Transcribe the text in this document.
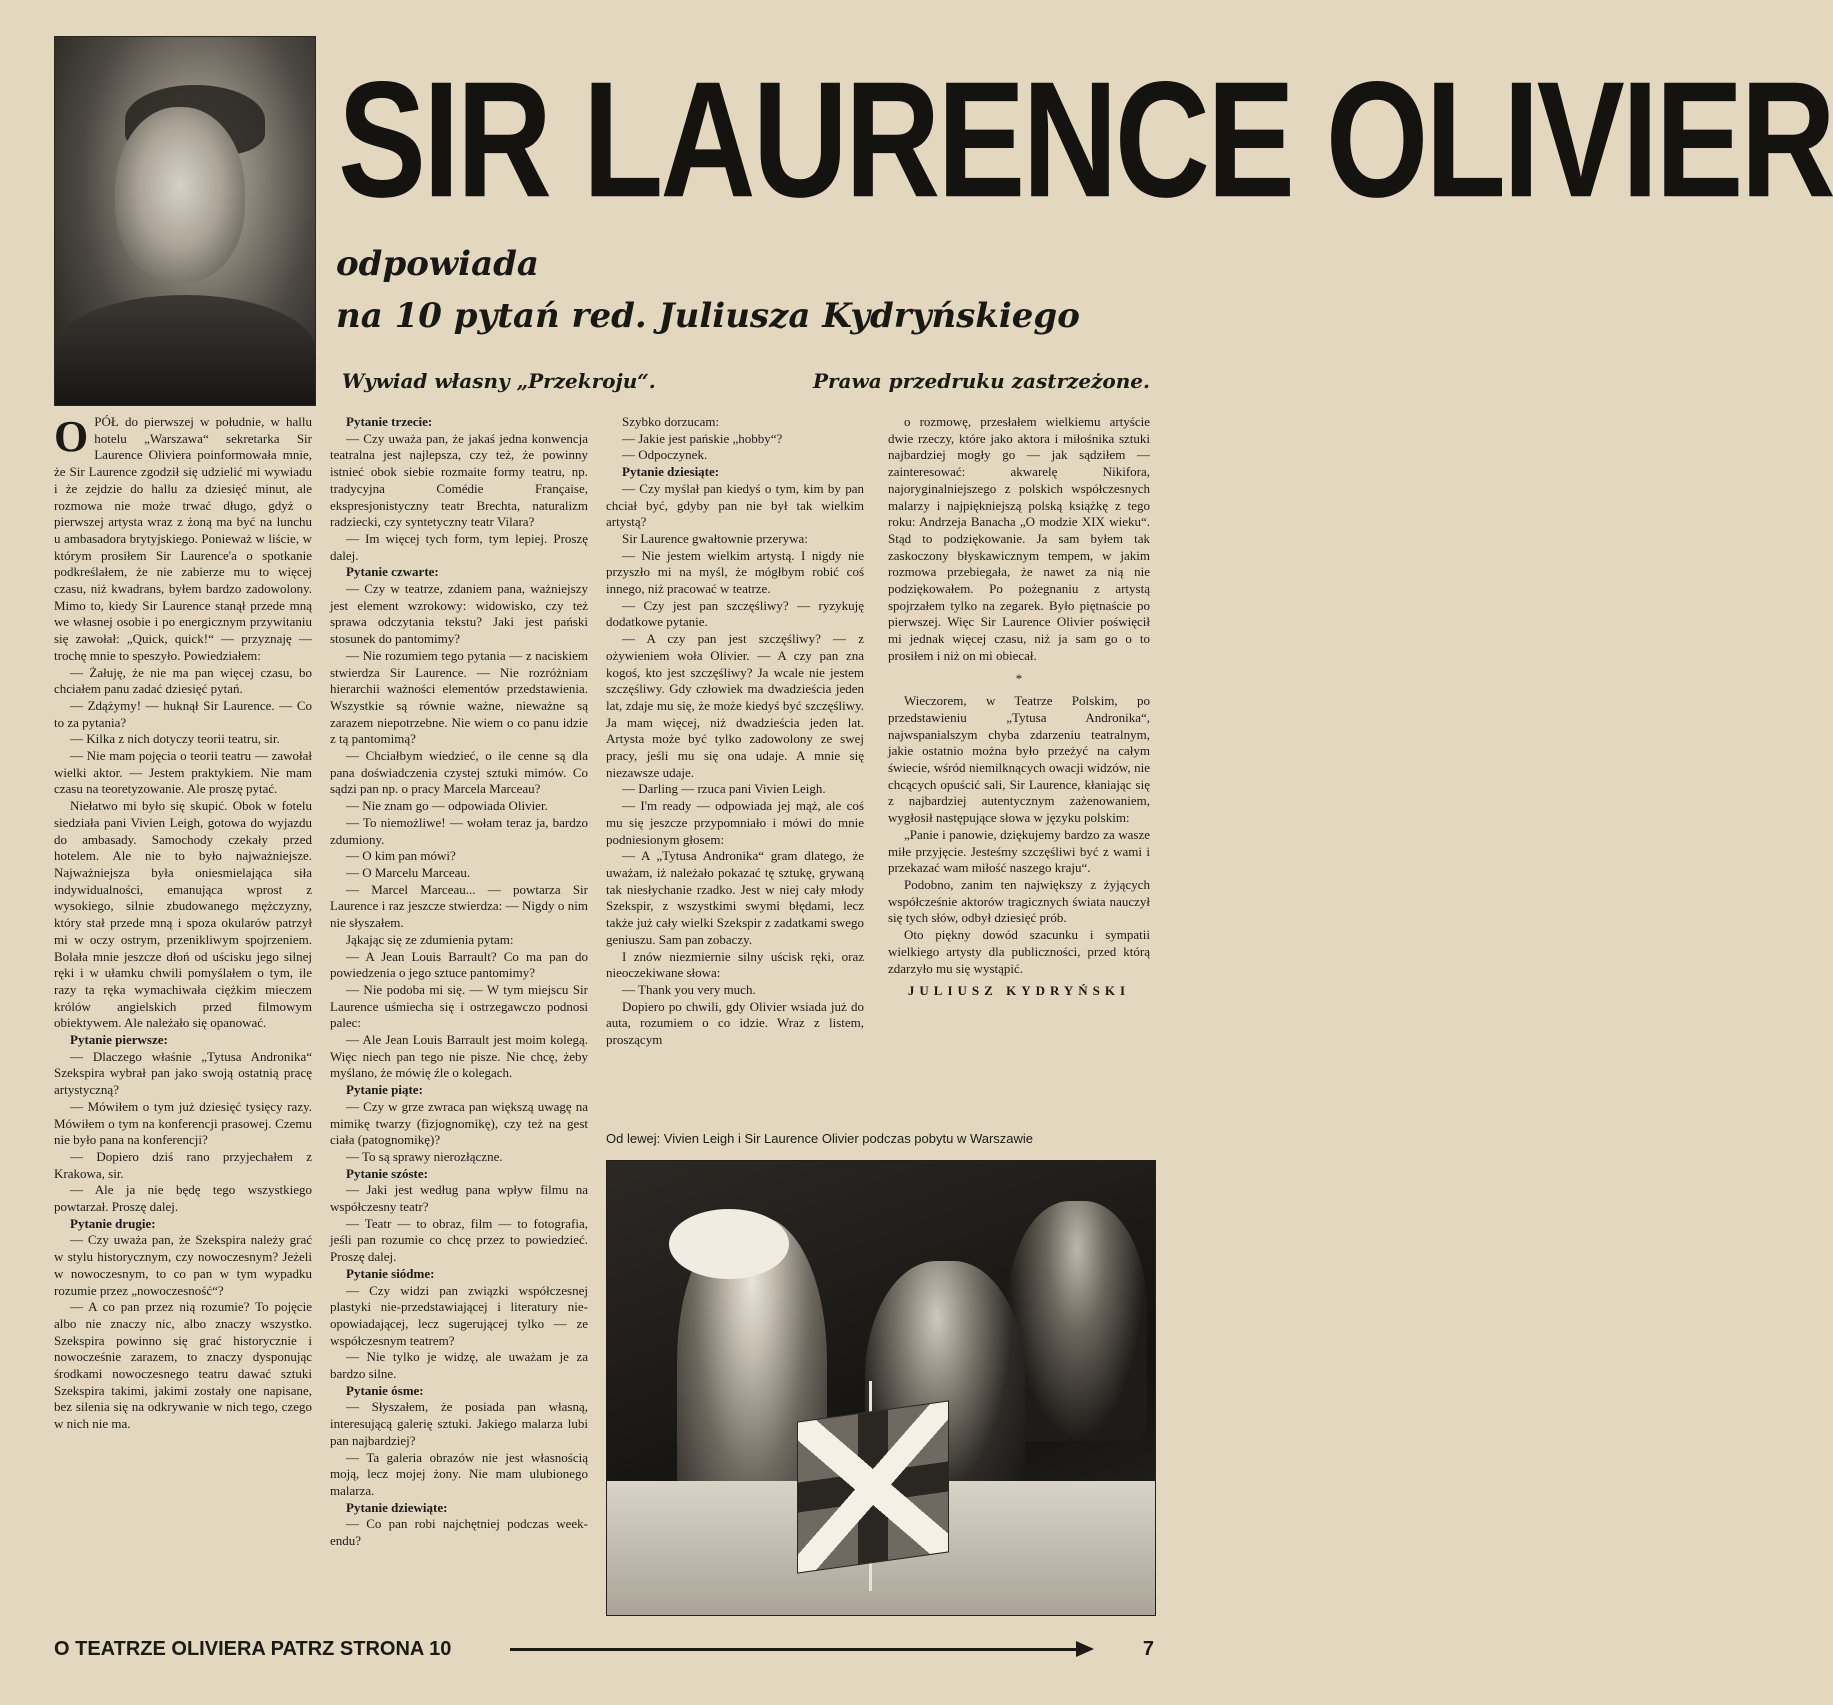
SIR LAURENCE OLIVIER
odpowiada
na 10 pytań red. Juliusza Kydryńskiego
Wywiad własny „Przekroju“.	Prawa przedruku zastrzeżone.
O PÓŁ do pierwszej w południe, w hallu hotelu „Warszawa“ sekretarka Sir Laurence Oliviera poinformowała mnie, że Sir Laurence zgodził się udzielić mi wywiadu i że zejdzie do hallu za dziesięć minut, ale rozmowa nie może trwać długo, gdyż o pierwszej artysta wraz z żoną ma być na lunchu u ambasadora brytyjskiego. Ponieważ w liście, w którym prosiłem Sir Laurence'a o spotkanie podkreślałem, że nie zabierze mu to więcej czasu, niż kwadrans, byłem bardzo zadowolony. Mimo to, kiedy Sir Laurence stanął przede mną we własnej osobie i po energicznym przywitaniu się zawołał: „Quick, quick!“ — przyznaję — trochę mnie to speszyło. Powiedziałem:

— Żałuję, że nie ma pan więcej czasu, bo chciałem panu zadać dziesięć pytań.

— Zdążymy! — huknął Sir Laurence. — Co to za pytania?

— Kilka z nich dotyczy teorii teatru, sir.

— Nie mam pojęcia o teorii teatru — zawołał wielki aktor. — Jestem praktykiem. Nie mam czasu na teoretyzowanie. Ale proszę pytać.

Niełatwo mi było się skupić. Obok w fotelu siedziała pani Vivien Leigh, gotowa do wyjazdu do ambasady. Samochody czekały przed hotelem. Ale nie to było najważniejsze. Najważniejsza była oniesmielająca siła indywidualności, emanująca wprost z wysokiego, silnie zbudowanego mężczyzny, który stał przede mną i spoza okularów patrzył mi w oczy ostrym, przenikliwym spojrzeniem. Bolała mnie jeszcze dłoń od uścisku jego silnej ręki i w ułamku chwili pomyślałem o tym, ile razy ta ręka wymachiwała ciężkim mieczem królów angielskich przed filmowym obiektywem. Ale należało się opanować.

Pytanie pierwsze:

— Dlaczego właśnie „Tytusa Andronika“ Szekspira wybrał pan jako swoją ostatnią pracę artystyczną?

— Mówiłem o tym już dziesięć tysięcy razy. Mówiłem o tym na konferencji prasowej. Czemu nie było pana na konferencji?

— Dopiero dziś rano przyjechałem z Krakowa, sir.

— Ale ja nie będę tego wszystkiego powtarzał. Proszę dalej.

Pytanie drugie:

— Czy uważa pan, że Szekspira należy grać w stylu historycznym, czy nowoczesnym? Jeżeli w nowoczesnym, to co pan w tym wypadku rozumie przez „nowoczesność“?

— A co pan przez nią rozumie? To pojęcie albo nie znaczy nic, albo znaczy wszystko. Szekspira powinno się grać historycznie i nowocześnie zarazem, to znaczy dysponując środkami nowoczesnego teatru dawać sztuki Szekspira takimi, jakimi zostały one napisane, bez silenia się na odkrywanie w nich tego, czego w nich nie ma.

Pytanie trzecie:

— Czy uważa pan, że jakaś jedna konwencja teatralna jest najlepsza, czy też, że powinny istnieć obok siebie rozmaite formy teatru, np. tradycyjna Comédie Française, ekspresjonistyczny teatr Brechta, naturalizm radziecki, czy syntetyczny teatr Vilara?

— Im więcej tych form, tym lepiej. Proszę dalej.

Pytanie czwarte:

— Czy w teatrze, zdaniem pana, ważniejszy jest element wzrokowy: widowisko, czy też sprawa odczytania tekstu? Jaki jest pański stosunek do pantomimy?

— Nie rozumiem tego pytania — z naciskiem stwierdza Sir Laurence. — Nie rozróżniam hierarchii ważności elementów przedstawienia. Wszystkie są równie ważne, nieważne są zarazem niepotrzebne. Nie wiem o co panu idzie z tą pantomimą?

— Chciałbym wiedzieć, o ile cenne są dla pana doświadczenia czystej sztuki mimów. Co sądzi pan np. o pracy Marcela Marceau?

— Nie znam go — odpowiada Olivier.

— To niemożliwe! — wołam teraz ja, bardzo zdumiony.

— O kim pan mówi?

— O Marcelu Marceau.

— Marcel Marceau... — powtarza Sir Laurence i raz jeszcze stwierdza: — Nigdy o nim nie słyszałem.

Jąkając się ze zdumienia pytam:

— A Jean Louis Barrault? Co ma pan do powiedzenia o jego sztuce pantomimy?

— Nie podoba mi się. — W tym miejscu Sir Laurence uśmiecha się i ostrzegawczo podnosi palec:

— Ale Jean Louis Barrault jest moim kolegą. Więc niech pan tego nie pisze. Nie chcę, żeby myślano, że mówię źle o kolegach.

Pytanie piąte:

— Czy w grze zwraca pan większą uwagę na mimikę twarzy (fizjognomikę), czy też na gest ciała (patognomikę)?

— To są sprawy nierozłączne.

Pytanie szóste:

— Jaki jest według pana wpływ filmu na współczesny teatr?

— Teatr — to obraz, film — to fotografia, jeśli pan rozumie co chcę przez to powiedzieć. Proszę dalej.

Pytanie siódme:

— Czy widzi pan związki współczesnej plastyki nie-przedstawiającej i literatury nie-opowiadającej, lecz sugerującej tylko — ze współczesnym teatrem?

— Nie tylko je widzę, ale uważam je za bardzo silne.

Pytanie ósme:

— Słyszałem, że posiada pan własną, interesującą galerię sztuki. Jakiego malarza lubi pan najbardziej?

— Ta galeria obrazów nie jest własnością moją, lecz mojej żony. Nie mam ulubionego malarza.

Pytanie dziewiąte:

— Co pan robi najchętniej podczas week-endu?

Szybko dorzucam:

— Jakie jest pańskie „hobby“?

— Odpoczynek.

Pytanie dziesiąte:

— Czy myślał pan kiedyś o tym, kim by pan chciał być, gdyby pan nie był tak wielkim artystą?

Sir Laurence gwałtownie przerywa:

— Nie jestem wielkim artystą. I nigdy nie przyszło mi na myśl, że mógłbym robić coś innego, niż pracować w teatrze.

— Czy jest pan szczęśliwy? — ryzykuję dodatkowe pytanie.

— A czy pan jest szczęśliwy? — z ożywieniem woła Olivier. — A czy pan zna kogoś, kto jest szczęśliwy? Ja wcale nie jestem szczęśliwy. Gdy człowiek ma dwadzieścia jeden lat, zdaje mu się, że może kiedyś być szczęśliwy. Ja mam więcej, niż dwadzieścia jeden lat. Artysta może być tylko zadowolony ze swej pracy, jeśli mu się ona udaje. A mnie się niezawsze udaje.

— Darling — rzuca pani Vivien Leigh.

— I'm ready — odpowiada jej mąż, ale coś mu się jeszcze przypomniało i mówi do mnie podniesionym głosem:

— A „Tytusa Andronika“ gram dlatego, że uważam, iż należało pokazać tę sztukę, grywaną tak niesłychanie rzadko. Jest w niej cały młody Szekspir, z wszystkimi swymi błędami, lecz także już cały wielki Szekspir z zadatkami swego geniuszu. Sam pan zobaczy.

I znów niezmiernie silny uścisk ręki, oraz nieoczekiwane słowa:

— Thank you very much.

Dopiero po chwili, gdy Olivier wsiada już do auta, rozumiem o co idzie. Wraz z listem, proszącym

o rozmowę, przesłałem wielkiemu artyście dwie rzeczy, które jako aktora i miłośnika sztuki najbardziej mogły go — jak sądziłem — zainteresować: akwarelę Nikifora, najoryginalniejszego z polskich współczesnych malarzy i najpiękniejszą polską książkę z tego roku: Andrzeja Banacha „O modzie XIX wieku“. Stąd to podziękowanie. Ja sam byłem tak zaskoczony błyskawicznym tempem, w jakim rozmowa przebiegała, że nawet za nią nie podziękowałem. Po pożegnaniu z artystą spojrzałem tylko na zegarek. Było piętnaście po pierwszej. Więc Sir Laurence Olivier poświęcił mi jednak więcej czasu, niż ja sam go o to prosiłem i niż on mi obiecał.

*

Wieczorem, w Teatrze Polskim, po przedstawieniu „Tytusa Andronika“, najwspanialszym chyba zdarzeniu teatralnym, jakie ostatnio można było przeżyć na całym świecie, wśród niemilknących owacji widzów, nie chcących opuścić sali, Sir Laurence, kłaniając się z najbardziej autentycznym zażenowaniem, wygłosił następujące słowa w języku polskim:

„Panie i panowie, dziękujemy bardzo za wasze miłe przyjęcie. Jesteśmy szczęśliwi być z wami i przekazać wam miłość naszego kraju“.

Podobno, zanim ten największy z żyjących współcześnie aktorów tragicznych świata nauczył się tych słów, odbył dziesięć prób.

Oto piękny dowód szacunku i sympatii wielkiego artysty dla publiczności, przed którą zdarzyło mu się wystąpić.

JULIUSZ KYDRYŃSKI

Od lewej: Vivien Leigh i Sir Laurence Olivier podczas pobytu w Warszawie
O TEATRZE OLIVIERA PATRZ STRONA 10	7
